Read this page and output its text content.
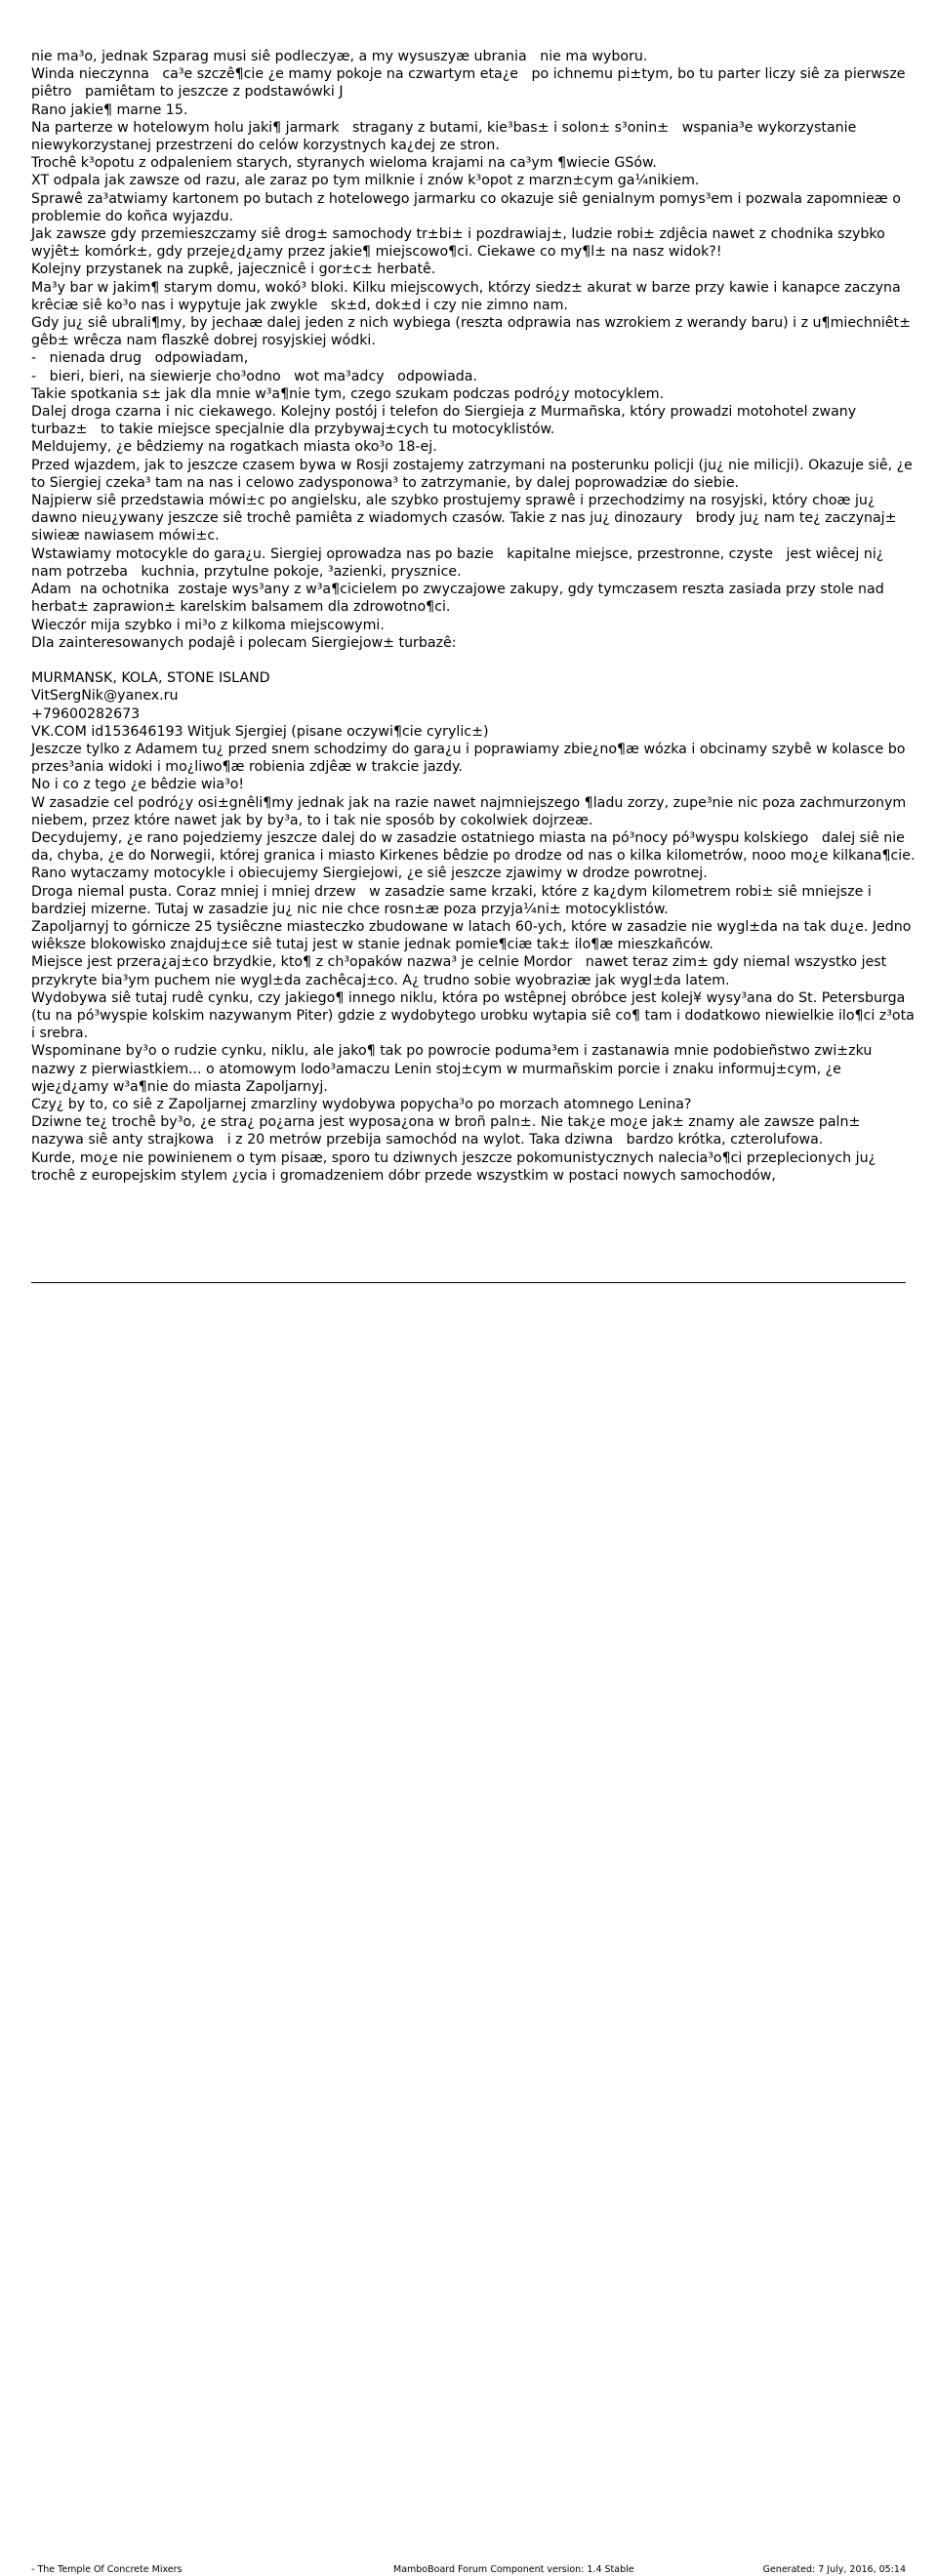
nie ma³o, jednak Szparag musi siê podleczyæ, a my wysuszyæ ubrania   nie ma wyboru.

Winda nieczynna   ca³e szczê¶cie ¿e mamy pokoje na czwartym eta¿e   po ichnemu pi±tym, bo tu parter liczy siê za pierwsze piêtro   pamiêtam to jeszcze z podstawówki J

Rano jakie¶ marne 15.

Na parterze w hotelowym holu jaki¶ jarmark   stragany z butami, kie³bas± i solon± s³onin±   wspania³e wykorzystanie niewykorzystanej przestrzeni do celów korzystnych ka¿dej ze stron.

Trochê k³opotu z odpaleniem starych, styranych wieloma krajami na ca³ym ¶wiecie GSów.

XT odpala jak zawsze od razu, ale zaraz po tym milknie i znów k³opot z marzn±cym ga¼nikiem.

Sprawê za³atwiamy kartonem po butach z hotelowego jarmarku co okazuje siê genialnym pomys³em i pozwala zapomnieæ o problemie do koñca wyjazdu.

Jak zawsze gdy przemieszczamy siê drog± samochody tr±bi± i pozdrawiaj±, ludzie robi± zdjêcia nawet z chodnika szybko wyjêt± komórk±, gdy przeje¿d¿amy przez jakie¶ miejscowo¶ci. Ciekawe co my¶l± na nasz widok?!

Kolejny przystanek na zupkê, jajecznicê i gor±c± herbatê.

Ma³y bar w jakim¶ starym domu, wokó³ bloki. Kilku miejscowych, którzy siedz± akurat w barze przy kawie i kanapce zaczyna krêciæ siê ko³o nas i wypytuje jak zwykle   sk±d, dok±d i czy nie zimno nam.

Gdy ju¿ siê ubrali¶my, by jechaæ dalej jeden z nich wybiega (reszta odprawia nas wzrokiem z werandy baru) i z u¶miechniêt± gêb± wrêcza nam flaszkê dobrej rosyjskiej wódki.

-   nienada drug   odpowiadam,

-   bieri, bieri, na siewierje cho³odno   wot ma³adcy   odpowiada.

Takie spotkania s± jak dla mnie w³a¶nie tym, czego szukam podczas podró¿y motocyklem.

Dalej droga czarna i nic ciekawego. Kolejny postój i telefon do Siergieja z Murmañska, który prowadzi motohotel zwany turbaz±   to takie miejsce specjalnie dla przybywaj±cych tu motocyklistów.

Meldujemy, ¿e bêdziemy na rogatkach miasta oko³o 18-ej.

Przed wjazdem, jak to jeszcze czasem bywa w Rosji zostajemy zatrzymani na posterunku policji (ju¿ nie milicji). Okazuje siê, ¿e to Siergiej czeka³ tam na nas i celowo zadysponowa³ to zatrzymanie, by dalej poprowadziæ do siebie.

Najpierw siê przedstawia mówi±c po angielsku, ale szybko prostujemy sprawê i przechodzimy na rosyjski, który choæ ju¿ dawno nieu¿ywany jeszcze siê trochê pamiêta z wiadomych czasów. Takie z nas ju¿ dinozaury   brody ju¿ nam te¿ zaczynaj± siwieæ nawiasem mówi±c.

Wstawiamy motocykle do gara¿u. Siergiej oprowadza nas po bazie   kapitalne miejsce, przestronne, czyste   jest wiêcej ni¿ nam potrzeba   kuchnia, przytulne pokoje, ³azienki, prysznice.

Adam  na ochotnika  zostaje wys³any z w³a¶cicielem po zwyczajowe zakupy, gdy tymczasem reszta zasiada przy stole nad herbat± zaprawion± karelskim balsamem dla zdrowotno¶ci.

Wieczór mija szybko i mi³o z kilkoma miejscowymi.

Dla zainteresowanych podajê i polecam Siergiejow± turbazê:

MURMANSK, KOLA, STONE ISLAND

VitSergNik@yanex.ru

+79600282673

VK.COM id153646193 Witjuk Sjergiej (pisane oczywi¶cie cyrylic±)

Jeszcze tylko z Adamem tu¿ przed snem schodzimy do gara¿u i poprawiamy zbie¿no¶æ wózka i obcinamy szybê w kolasce bo przes³ania widoki i mo¿liwo¶æ robienia zdjêæ w trakcie jazdy.

No i co z tego ¿e bêdzie wia³o!

W zasadzie cel podró¿y osi±gnêli¶my jednak jak na razie nawet najmniejszego ¶ladu zorzy, zupe³nie nic poza zachmurzonym niebem, przez które nawet jak by by³a, to i tak nie sposób by cokolwiek dojrzeæ.

Decydujemy, ¿e rano pojedziemy jeszcze dalej do w zasadzie ostatniego miasta na pó³nocy pó³wyspu kolskiego   dalej siê nie da, chyba, ¿e do Norwegii, której granica i miasto Kirkenes bêdzie po drodze od nas o kilka kilometrów, nooo mo¿e kilkana¶cie.

Rano wytaczamy motocykle i obiecujemy Siergiejowi, ¿e siê jeszcze zjawimy w drodze powrotnej.

Droga niemal pusta. Coraz mniej i mniej drzew   w zasadzie same krzaki, które z ka¿dym kilometrem robi± siê mniejsze i bardziej mizerne. Tutaj w zasadzie ju¿ nic nie chce rosn±æ poza przyja¼ni± motocyklistów.

Zapoljarnyj to górnicze 25 tysiêczne miasteczko zbudowane w latach 60-ych, które w zasadzie nie wygl±da na tak du¿e. Jedno wiêksze blokowisko znajduj±ce siê tutaj jest w stanie jednak pomie¶ciæ tak± ilo¶æ mieszkañców.

Miejsce jest przera¿aj±co brzydkie, kto¶ z ch³opaków nazwa³ je celnie Mordor   nawet teraz zim± gdy niemal wszystko jest przykryte bia³ym puchem nie wygl±da zachêcaj±co. A¿ trudno sobie wyobraziæ jak wygl±da latem.

Wydobywa siê tutaj rudê cynku, czy jakiego¶ innego niklu, która po wstêpnej obróbce jest kolej¥ wysy³ana do St. Petersburga (tu na pó³wyspie kolskim nazywanym Piter) gdzie z wydobytego urobku wytapia siê co¶ tam i dodatkowo niewielkie ilo¶ci z³ota i srebra.

Wspominane by³o o rudzie cynku, niklu, ale jako¶ tak po powrocie poduma³em i zastanawia mnie podobieñstwo zwi±zku nazwy z pierwiastkiem... o atomowym lodo³amaczu Lenin stoj±cym w murmañskim porcie i znaku informuj±cym, ¿e wje¿d¿amy w³a¶nie do miasta Zapoljarnyj.

Czy¿ by to, co siê z Zapoljarnej zmarzliny wydobywa popycha³o po morzach atomnego Lenina?

Dziwne te¿ trochê by³o, ¿e stra¿ po¿arna jest wyposa¿ona w broñ paln±. Nie tak¿e mo¿e jak± znamy ale zawsze paln±   nazywa siê anty strajkowa   i z 20 metrów przebija samochód na wylot. Taka dziwna   bardzo krótka, czterolufowa.

Kurde, mo¿e nie powinienem o tym pisaæ, sporo tu dziwnych jeszcze pokomunistycznych nalecia³o¶ci przeplecionych ju¿ trochê z europejskim stylem ¿ycia i gromadzeniem dóbr przede wszystkim w postaci nowych samochodów,

- The Temple Of Concrete Mixers	MamboBoard Forum Component version: 1.4 Stable	Generated: 7 July, 2016, 05:14
